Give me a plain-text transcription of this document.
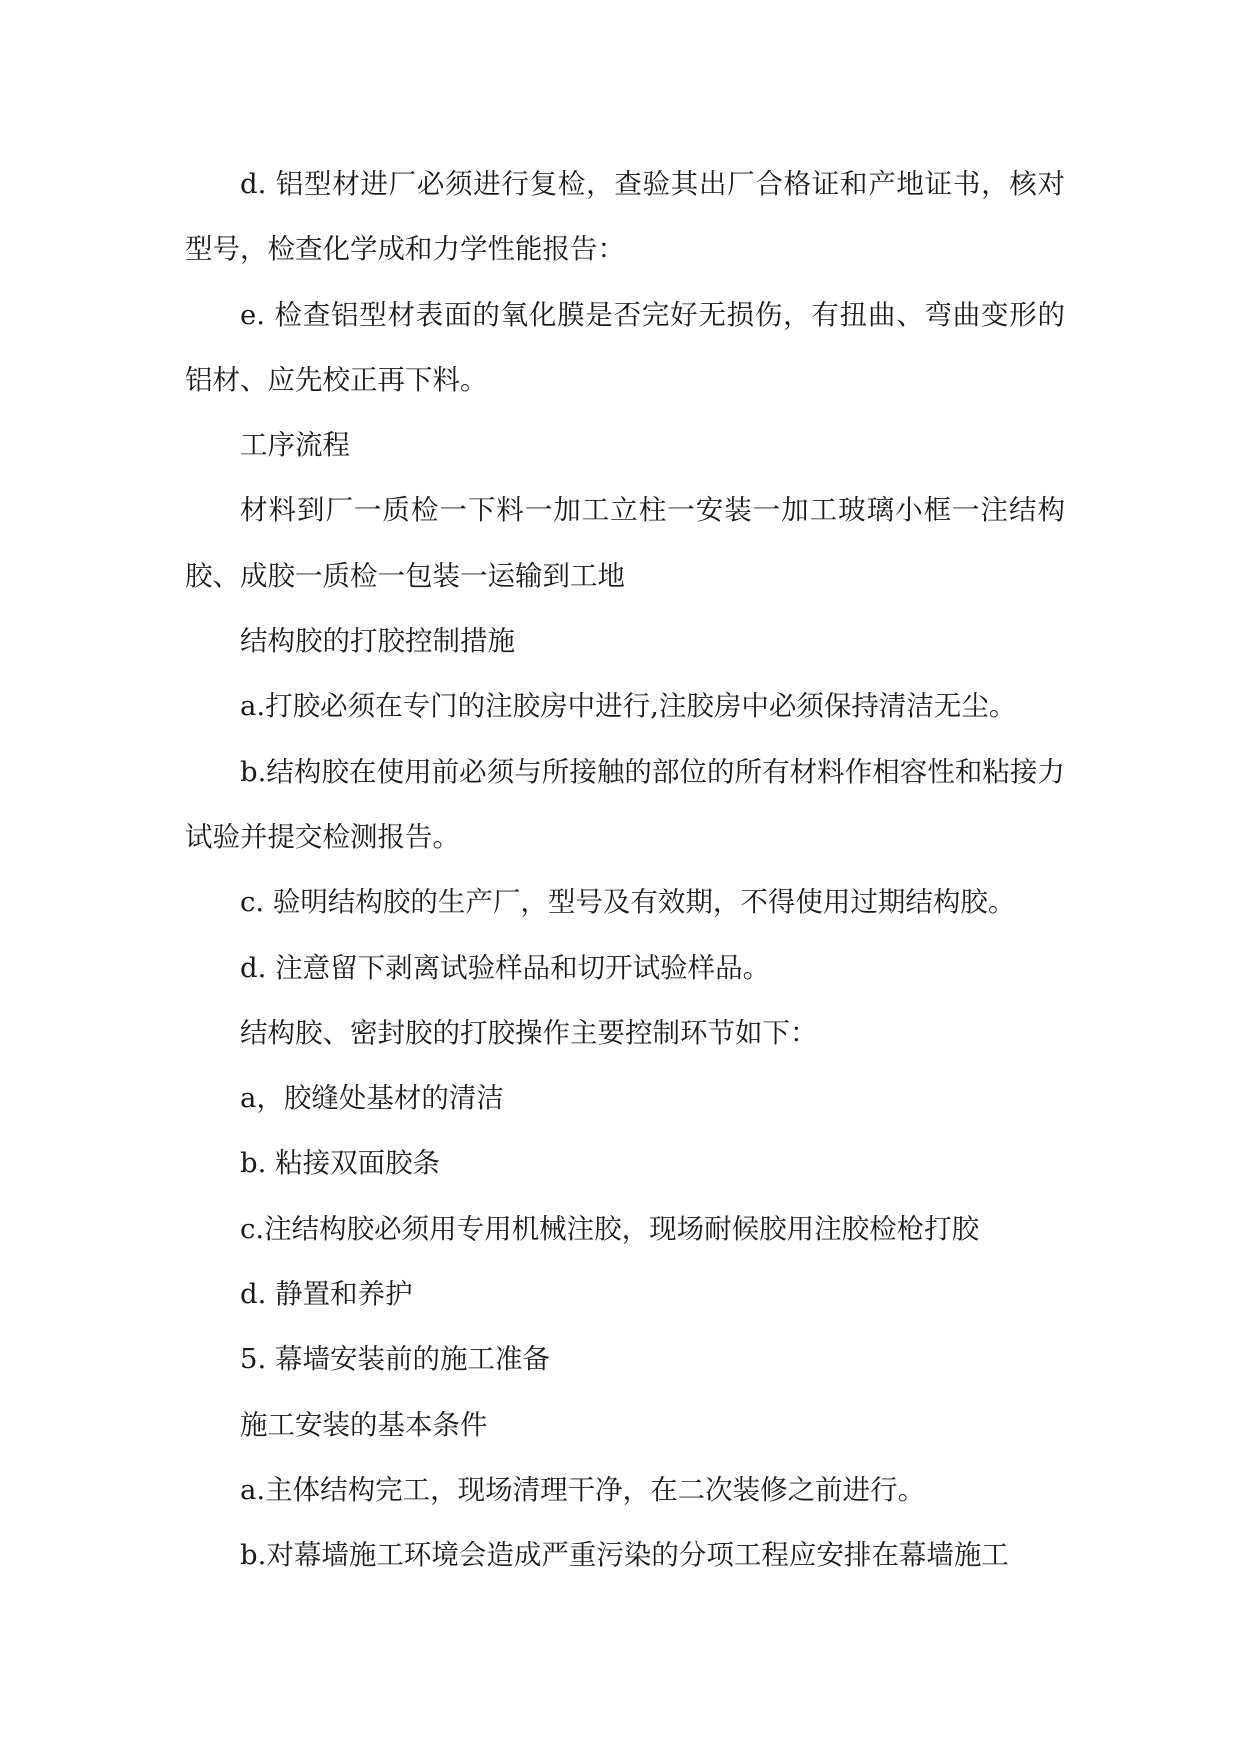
d. 铝型材进厂必须进行复检，查验其出厂合格证和产地证书，核对型号，检查化学成和力学性能报告：

e. 检查铝型材表面的氧化膜是否完好无损伤，有扭曲、弯曲变形的铝材、应先校正再下料。

工序流程

材料到厂一质检一下料一加工立柱一安装一加工玻璃小框一注结构胶、成胶一质检一包装一运输到工地

结构胶的打胶控制措施

a.打胶必须在专门的注胶房中进行,注胶房中必须保持清洁无尘。

b.结构胶在使用前必须与所接触的部位的所有材料作相容性和粘接力试验并提交检测报告。

c. 验明结构胶的生产厂，型号及有效期，不得使用过期结构胶。

d. 注意留下剥离试验样品和切开试验样品。

结构胶、密封胶的打胶操作主要控制环节如下：

a，胶缝处基材的清洁

b. 粘接双面胶条

c.注结构胶必须用专用机械注胶，现场耐候胶用注胶检枪打胶

d. 静置和养护

5. 幕墙安装前的施工准备

施工安装的基本条件

a.主体结构完工，现场清理干净，在二次装修之前进行。

b.对幕墙施工环境会造成严重污染的分项工程应安排在幕墙施工
